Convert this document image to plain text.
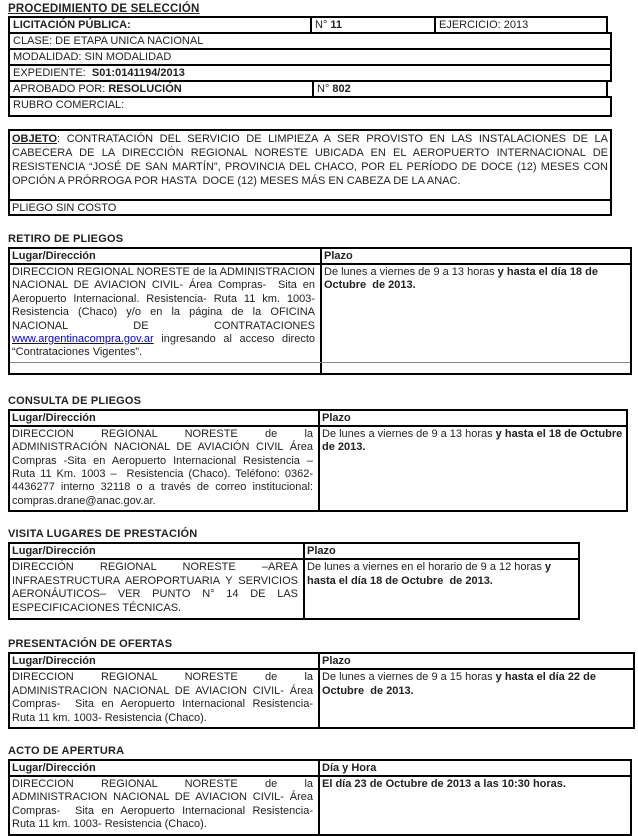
PROCEDIMIENTO DE SELECCIÓN
LICITACIÓN PÚBLICA:	N° 11	EJERCICIO: 2013
CLASE: DE ETAPA UNICA NACIONAL
MODALIDAD: SIN MODALIDAD
EXPEDIENTE:  S01:0141194/2013
APROBADO POR: RESOLUCIÓN	N° 802
RUBRO COMERCIAL:
OBJETO: CONTRATACIÓN DEL SERVICIO DE LIMPIEZA A SER PROVISTO EN LAS INSTALACIONES DE LA CABECERA DE LA DIRECCIÓN REGIONAL NORESTE UBICADA EN EL AEROPUERTO INTERNACIONAL DE RESISTENCIA “JOSÉ DE SAN MARTÍN”, PROVINCIA DEL CHACO, POR EL PERÍODO DE DOCE (12) MESES CON OPCIÓN A PRÓRROGA POR HASTA  DOCE (12) MESES MÁS EN CABEZA DE LA ANAC.
PLIEGO SIN COSTO
RETIRO DE PLIEGOS
Lugar/Dirección	Plazo
DIRECCION REGIONAL NORESTE de la ADMINISTRACION NACIONAL DE AVIACION CIVIL- Área Compras-  Sita en Aeropuerto Internacional. Resistencia- Ruta 11 km. 1003- Resistencia (Chaco) y/o en la página de la OFICINA NACIONAL DE CONTRATACIONES www.argentinacompra.gov.ar ingresando al acceso directo “Contrataciones Vigentes”.
De lunes a viernes de 9 a 13 horas y hasta el día 18 de Octubre  de 2013.
CONSULTA DE PLIEGOS
Lugar/Dirección	Plazo
DIRECCION REGIONAL NORESTE de la ADMINISTRACIÓN NACIONAL DE AVIACIÓN CIVIL Área Compras -Sita en Aeropuerto Internacional Resistencia – Ruta 11 Km. 1003 –  Resistencia (Chaco). Teléfono: 0362-4436277 interno 32118 o a través de correo institucional: compras.drane@anac.gov.ar.
De lunes a viernes de 9 a 13 horas y hasta el 18 de Octubre de 2013.
VISITA LUGARES DE PRESTACIÓN
Lugar/Dirección	Plazo
DIRECCIÓN REGIONAL NORESTE –AREA INFRAESTRUCTURA AEROPORTUARIA Y SERVICIOS AERONÁUTICOS– VER PUNTO N° 14 DE LAS ESPECIFICACIONES TÉCNICAS.
De lunes a viernes en el horario de 9 a 12 horas y hasta el día 18 de Octubre  de 2013.
PRESENTACIÓN DE OFERTAS
Lugar/Dirección	Plazo
DIRECCION REGIONAL NORESTE de la ADMINISTRACION NACIONAL DE AVIACION CIVIL- Área Compras-  Sita en Aeropuerto Internacional Resistencia- Ruta 11 km. 1003- Resistencia (Chaco).
De lunes a viernes de 9 a 15 horas y hasta el día 22 de Octubre  de 2013.
ACTO DE APERTURA
Lugar/Dirección	Día y Hora
DIRECCION REGIONAL NORESTE de la ADMINISTRACION NACIONAL DE AVIACION CIVIL- Área Compras-  Sita en Aeropuerto Internacional Resistencia- Ruta 11 km. 1003- Resistencia (Chaco).
El día 23 de Octubre de 2013 a las 10:30 horas.
